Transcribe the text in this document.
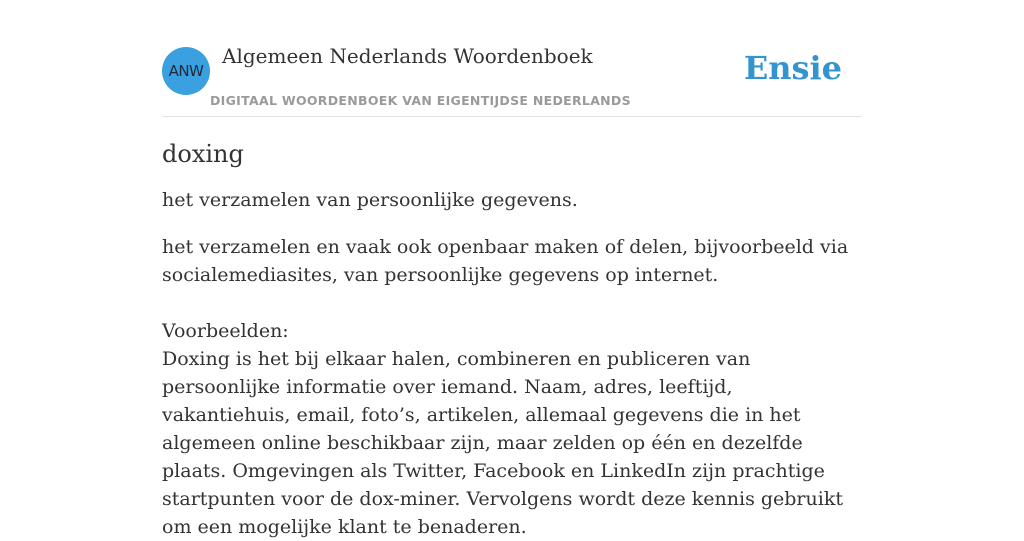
ANW
Algemeen Nederlands Woordenboek
DIGITAAL WOORDENBOEK VAN EIGENTIJDSE NEDERLANDS
Ensie
doxing

het verzamelen van persoonlijke gegevens.

het verzamelen en vaak ook openbaar maken of delen, bijvoorbeeld via socialemediasites, van persoonlijke gegevens op internet.

Voorbeelden:

Doxing is het bij elkaar halen, combineren en publiceren van persoonlijke informatie over iemand. Naam, adres, leeftijd, vakantiehuis, email, foto’s, artikelen, allemaal gegevens die in het algemeen online beschikbaar zijn, maar zelden op één en dezelfde plaats. Omgevingen als Twitter, Facebook en LinkedIn zijn prachtige startpunten voor de dox-miner. Vervolgens wordt deze kennis gebruikt om een mogelijke klant te benaderen.
